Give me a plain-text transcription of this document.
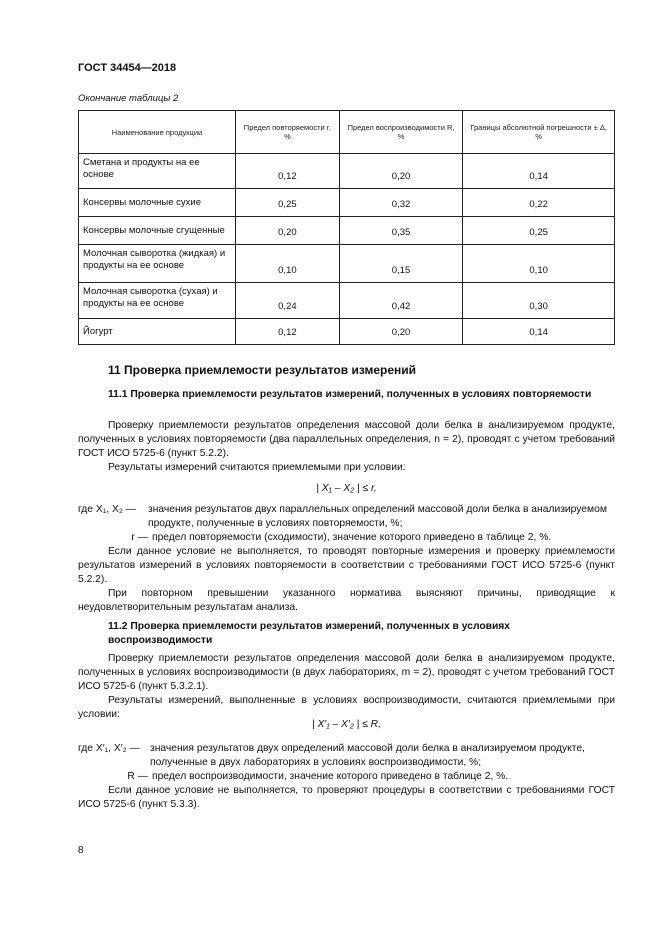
ГОСТ 34454—2018
Окончание таблицы 2
Наименование продукции	Предел повторяемости r, %	Предел воспроизводимости R, %	Границы абсолютной погрешности ± Δ, %
Сметана и продукты на ее основе	0,12	0,20	0,14
Консервы молочные сухие	0,25	0,32	0,22
Консервы молочные сгущенные	0,20	0,35	0,25
Молочная сыворотка (жидкая) и продукты на ее основе	0,10	0,15	0,10
Молочная сыворотка (сухая) и продукты на ее основе	0,24	0,42	0,30
Йогурт	0,12	0,20	0,14
11 Проверка приемлемости результатов измерений
11.1 Проверка приемлемости результатов измерений, полученных в условиях повторяемости
Проверку приемлемости результатов определения массовой доли белка в анализируемом продукте, полученных в условиях повторяемости (два параллельных определения, n = 2), проводят с учетом требований ГОСТ ИСО 5725-6 (пункт 5.2.2).
Результаты измерений считаются приемлемыми при условии:
| X₁ – X₂ | ≤ r,
где X₁, X₂ —	значения результатов двух параллельных определений массовой доли белка в анализируемом продукте, полученные в условиях повторяемости, %;
r — предел повторяемости (сходимости), значение которого приведено в таблице 2, %.
Если данное условие не выполняется, то проводят повторные измерения и проверку приемлемости результатов измерений в условиях повторяемости в соответствии с требованиями ГОСТ ИСО 5725-6 (пункт 5.2.2).
При повторном превышении указанного норматива выясняют причины, приводящие к неудовлетворительным результатам анализа.
11.2 Проверка приемлемости результатов измерений, полученных в условиях воспроизводимости
Проверку приемлемости результатов определения массовой доли белка в анализируемом продукте, полученных в условиях воспроизводимости (в двух лабораториях, m = 2), проводят с учетом требований ГОСТ ИСО 5725-6 (пункт 5.3.2.1).
Результаты измерений, выполненные в условиях воспроизводимости, считаются приемлемыми при условии:
| X′₁ – X′₂ | ≤ R,
где X′₁, X′₂ — значения результатов двух определений массовой доли белка в анализируемом продукте, полученные в двух лабораториях в условиях воспроизводимости, %;
R — предел воспроизводимости, значение которого приведено в таблице 2, %.
Если данное условие не выполняется, то проверяют процедуры в соответствии с требованиями ГОСТ ИСО 5725-6 (пункт 5.3.3).
8
